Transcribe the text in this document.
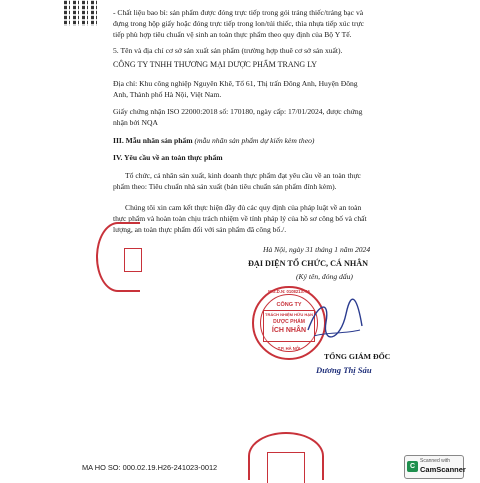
- Chất liệu bao bì: sản phẩm được đóng trực tiếp trong gói tráng thiếc/tráng bạc và

đựng trong hộp giấy hoặc đóng trực tiếp trong lon/túi thiếc, thìa nhựa tiếp xúc trực

tiếp phù hợp tiêu chuẩn vệ sinh an toàn thực phẩm theo quy định của Bộ Y Tế.

5. Tên và địa chỉ cơ sở sản xuất sản phẩm (trường hợp thuê cơ sở sản xuất).

CÔNG TY TNHH THƯƠNG MẠI DƯỢC PHẨM TRANG LY

Địa chỉ: Khu công nghiệp Nguyên Khê, Tổ 61, Thị trấn Đông Anh, Huyện Đông

Anh, Thành phố Hà Nội, Việt Nam.

Giấy chứng nhận ISO 22000:2018 số: 170180, ngày cấp: 17/01/2024, được chứng

nhận bởi NQA

III. Mẫu nhãn sản phẩm (mẫu nhãn sản phẩm dự kiến kèm theo)

IV. Yêu cầu về an toàn thực phẩm

Tổ chức, cá nhân sản xuất, kinh doanh thực phẩm đạt yêu cầu về an toàn thực

phẩm theo: Tiêu chuẩn nhà sản xuất (bản tiêu chuẩn sản phẩm đính kèm).

Chúng tôi xin cam kết thực hiện đầy đủ các quy định của pháp luật về an toàn

thực phẩm và hoàn toàn chịu trách nhiệm về tính pháp lý của hồ sơ công bố và chất

lượng, an toàn thực phẩm đối với sản phẩm đã công bố./.

Hà Nội, ngày 31 tháng 1 năm 2024

ĐẠI DIỆN TỔ CHỨC, CÁ NHÂN

(Ký tên, đóng dấu)

M.S.D.N: 0108213746
CÔNG TY
TRÁCH NHIỆM HỮU HẠN
DƯỢC PHẨM
ÍCH NHÂN
T.P. HÀ NỘI

TỔNG GIÁM ĐỐC

Dương Thị Sáu

MA HO SO: 000.02.19.H26-241023-0012	C
Scanned with
CamScanner
